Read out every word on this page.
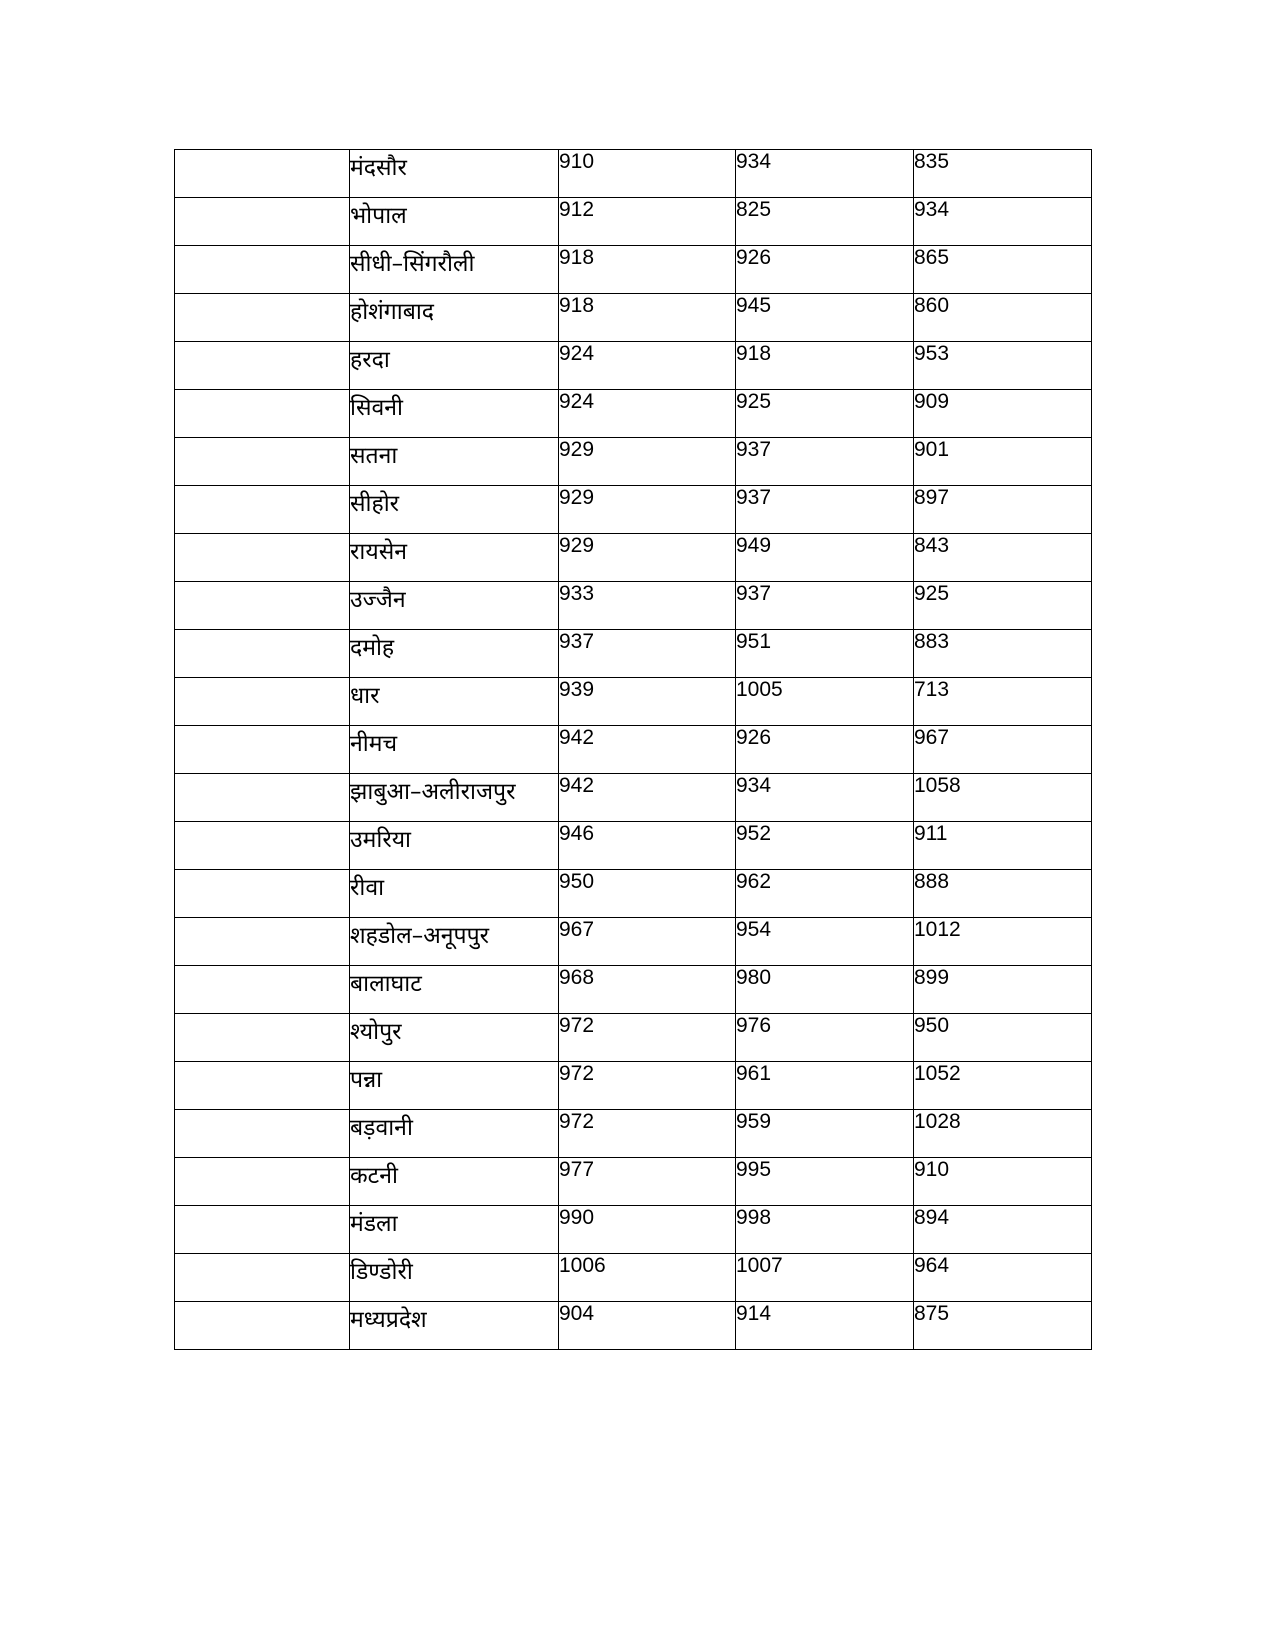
	मंदसौर	910	934	835
	भोपाल	912	825	934
	सीधी–सिंगरौली	918	926	865
	होशंगाबाद	918	945	860
	हरदा	924	918	953
	सिवनी	924	925	909
	सतना	929	937	901
	सीहोर	929	937	897
	रायसेन	929	949	843
	उज्जैन	933	937	925
	दमोह	937	951	883
	धार	939	1005	713
	नीमच	942	926	967
	झाबुआ–अलीराजपुर	942	934	1058
	उमरिया	946	952	911
	रीवा	950	962	888
	शहडोल–अनूपपुर	967	954	1012
	बालाघाट	968	980	899
	श्योपुर	972	976	950
	पन्ना	972	961	1052
	बड़वानी	972	959	1028
	कटनी	977	995	910
	मंडला	990	998	894
	डिण्डोरी	1006	1007	964
	मध्यप्रदेश	904	914	875
